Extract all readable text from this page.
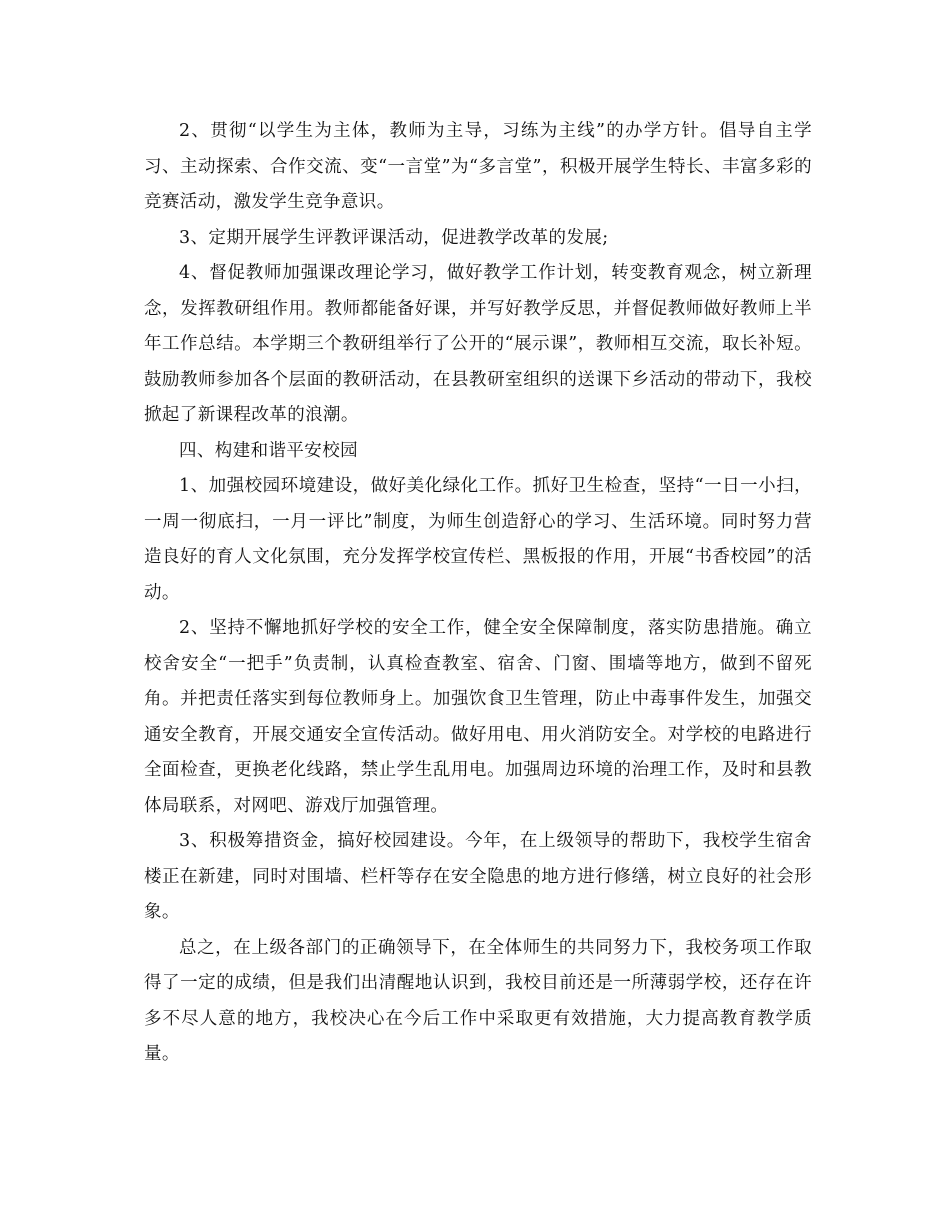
2、贯彻“以学生为主体，教师为主导，习练为主线”的办学方针。倡导自主学习、主动探索、合作交流、变“一言堂”为“多言堂”，积极开展学生特长、丰富多彩的竞赛活动，激发学生竞争意识。

3、定期开展学生评教评课活动，促进教学改革的发展;

4、督促教师加强课改理论学习，做好教学工作计划，转变教育观念，树立新理念，发挥教研组作用。教师都能备好课，并写好教学反思，并督促教师做好教师上半年工作总结。本学期三个教研组举行了公开的“展示课”，教师相互交流，取长补短。鼓励教师参加各个层面的教研活动，在县教研室组织的送课下乡活动的带动下，我校掀起了新课程改革的浪潮。

四、构建和谐平安校园

1、加强校园环境建设，做好美化绿化工作。抓好卫生检查，坚持“一日一小扫，一周一彻底扫，一月一评比”制度，为师生创造舒心的学习、生活环境。同时努力营造良好的育人文化氛围，充分发挥学校宣传栏、黑板报的作用，开展“书香校园”的活动。

2、坚持不懈地抓好学校的安全工作，健全安全保障制度，落实防患措施。确立校舍安全“一把手”负责制，认真检查教室、宿舍、门窗、围墙等地方，做到不留死角。并把责任落实到每位教师身上。加强饮食卫生管理，防止中毒事件发生，加强交通安全教育，开展交通安全宣传活动。做好用电、用火消防安全。对学校的电路进行全面检查，更换老化线路，禁止学生乱用电。加强周边环境的治理工作，及时和县教体局联系，对网吧、游戏厅加强管理。

3、积极筹措资金，搞好校园建设。今年，在上级领导的帮助下，我校学生宿舍楼正在新建，同时对围墙、栏杆等存在安全隐患的地方进行修缮，树立良好的社会形象。

总之，在上级各部门的正确领导下，在全体师生的共同努力下，我校务项工作取得了一定的成绩，但是我们出清醒地认识到，我校目前还是一所薄弱学校，还存在许多不尽人意的地方，我校决心在今后工作中采取更有效措施，大力提高教育教学质量。
